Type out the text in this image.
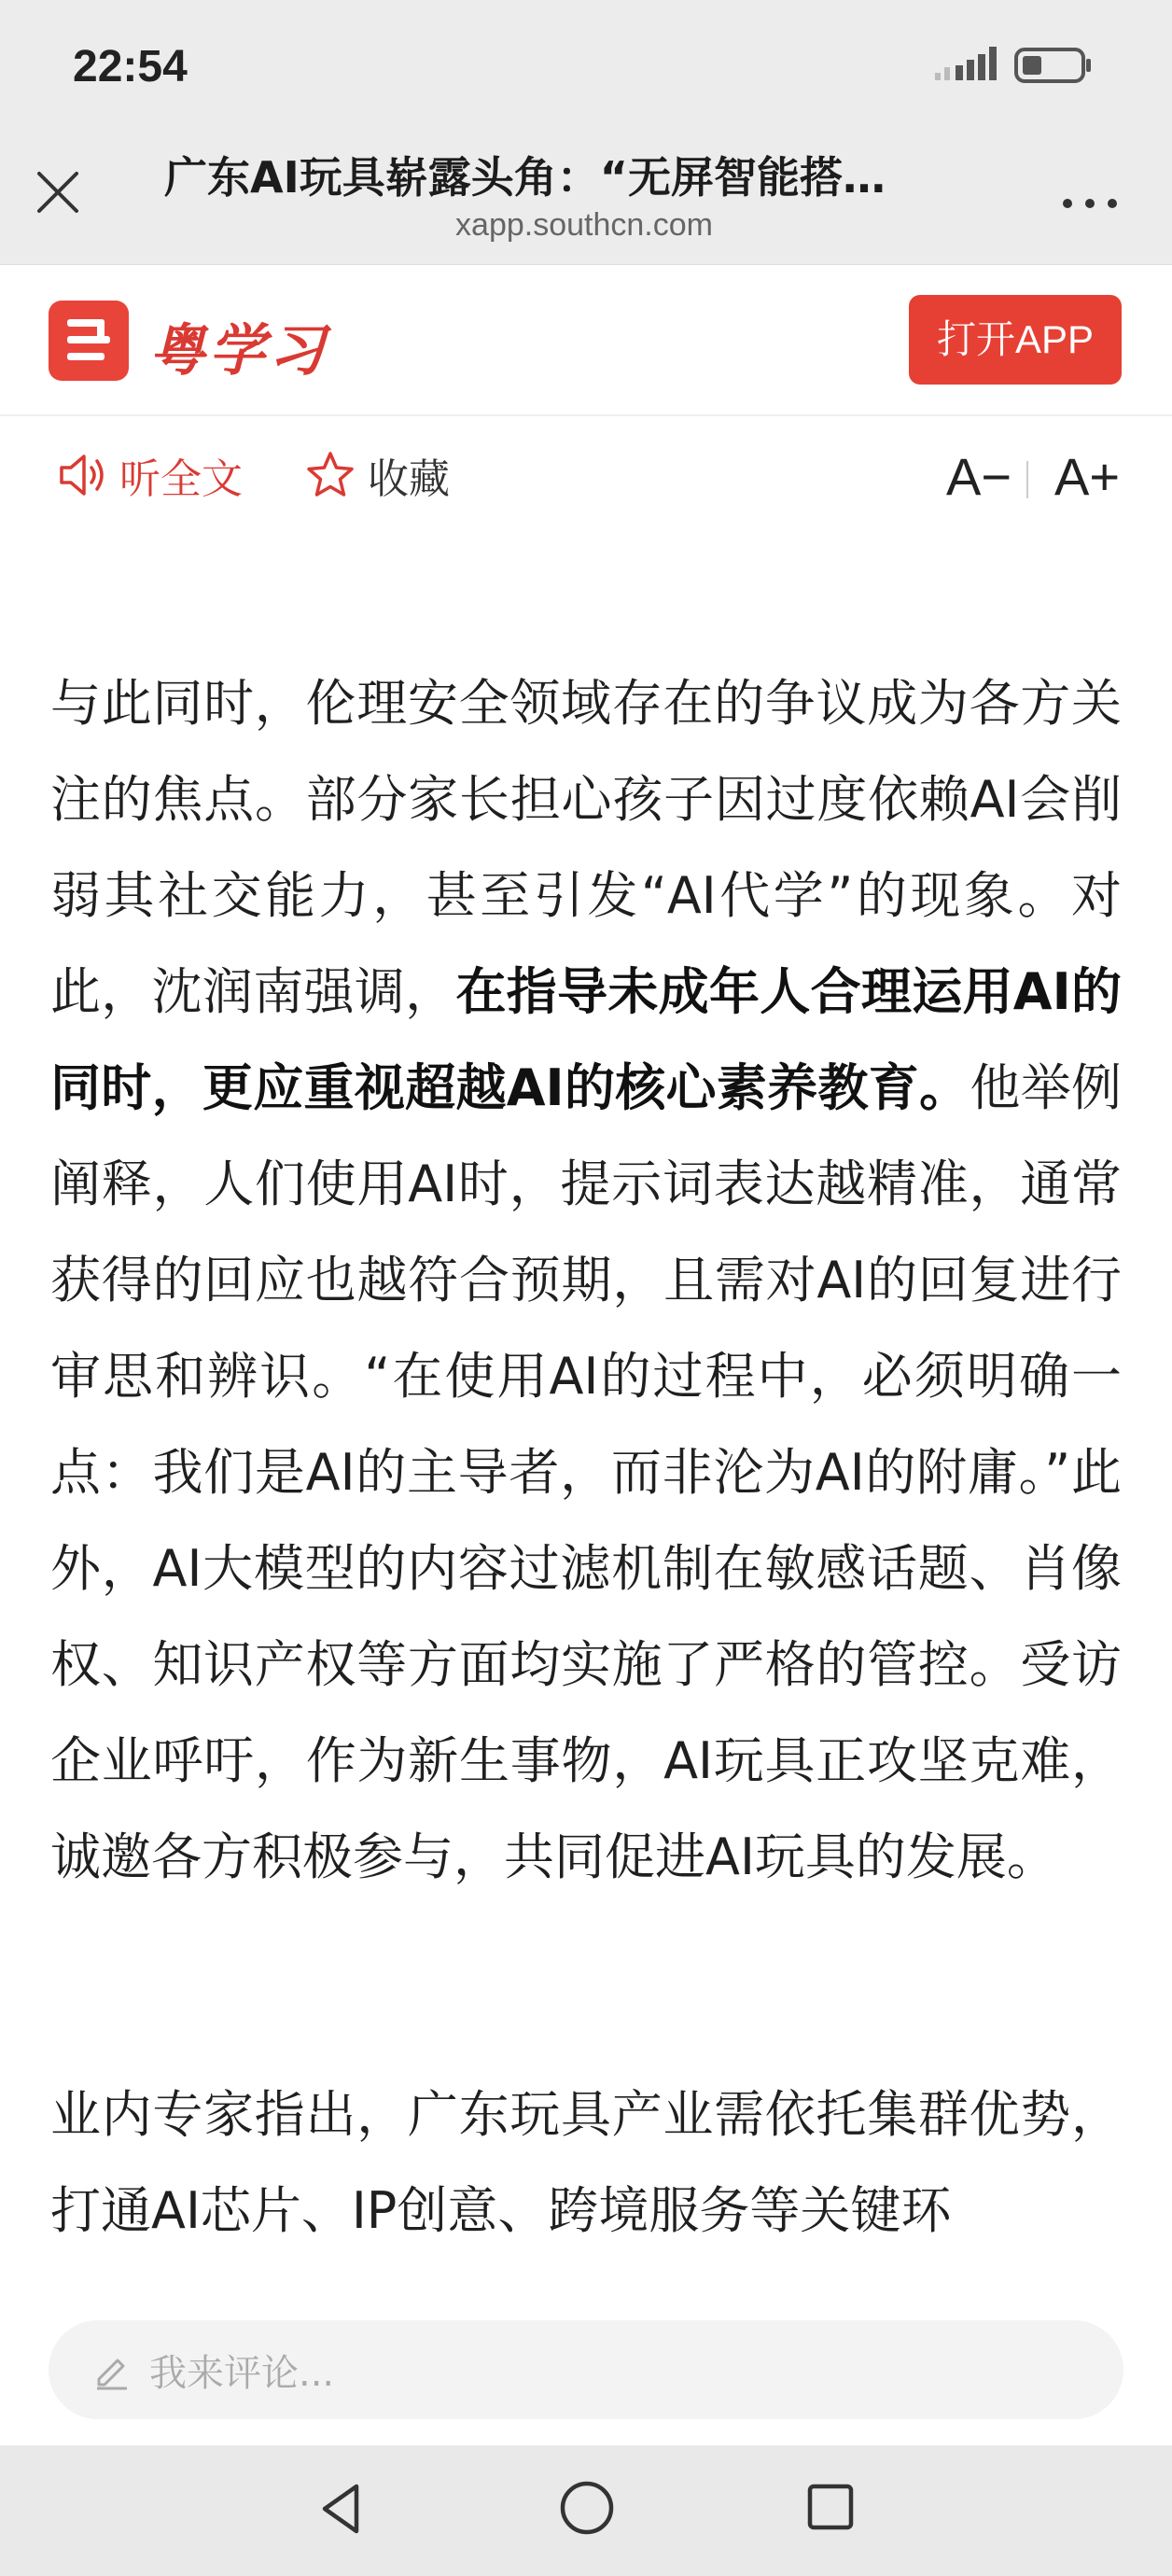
22:54
广东AI玩具崭露头角：“无屏智能搭…
xapp.southcn.com
粤学习	打开APP
听全文	收藏	A− A+

与此同时，伦理安全领域存在的争议成为各方关注的焦点。部分家长担心孩子因过度依赖AI会削弱其社交能力，甚至引发“AI代学”的现象。对此，沈润南强调，在指导未成年人合理运用AI的同时，更应重视超越AI的核心素养教育。他举例阐释，人们使用AI时，提示词表达越精准，通常获得的回应也越符合预期，且需对AI的回复进行审思和辨识。“在使用AI的过程中，必须明确一点：我们是AI的主导者，而非沦为AI的附庸。”此外，AI大模型的内容过滤机制在敏感话题、肖像权、知识产权等方面均实施了严格的管控。受访企业呼吁，作为新生事物，AI玩具正攻坚克难，诚邀各方积极参与，共同促进AI玩具的发展。

业内专家指出，广东玩具产业需依托集群优势，打通AI芯片、IP创意、跨境服务等关键环

我来评论...
